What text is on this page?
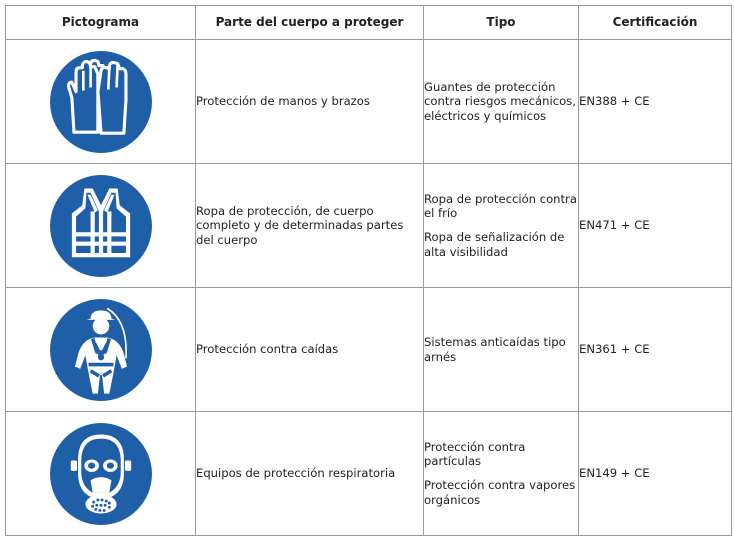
Pictograma	Parte del cuerpo a proteger	Tipo	Certificación

	Protección de manos y brazos	Guantes de protección contra riesgos mecánicos, eléctricos y químicos	EN388 + CE

	Ropa de protección, de cuerpo completo y de determinadas partes del cuerpo	Ropa de protección contra el frío
Ropa de señalización de alta visibilidad	EN471 + CE

	Protección contra caídas	Sistemas anticaídas tipo arnés	EN361 + CE

	Equipos de protección respiratoria	Protección contra partículas
Protección contra vapores orgánicos	EN149 + CE
